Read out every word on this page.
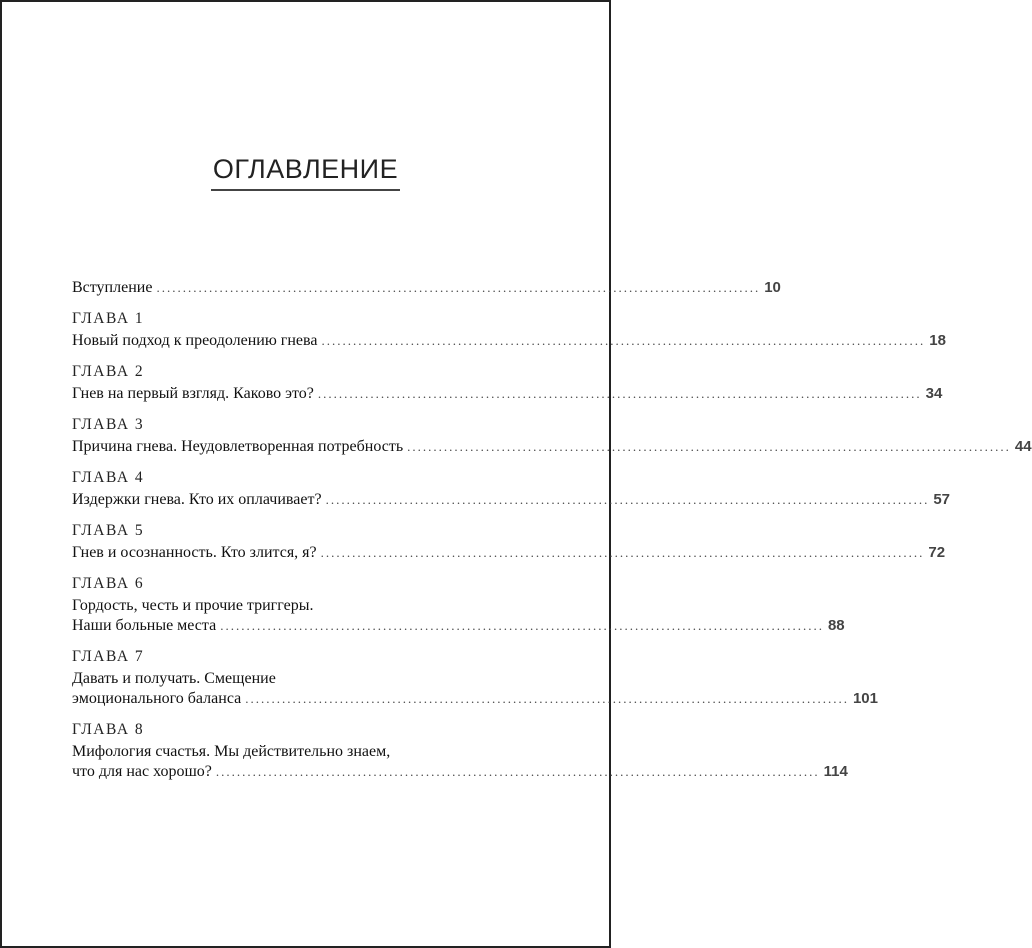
ОГЛАВЛЕНИЕ
Вступление ................................................................................................................... 10
ГЛАВА 1
Новый подход к преодолению гнева ................................................................................................................... 18
ГЛАВА 2
Гнев на первый взгляд. Каково это? ................................................................................................................... 34
ГЛАВА 3
Причина гнева. Неудовлетворенная потребность ................................................................................................................... 44
ГЛАВА 4
Издержки гнева. Кто их оплачивает? ................................................................................................................... 57
ГЛАВА 5
Гнев и осознанность. Кто злится, я? ................................................................................................................... 72
ГЛАВА 6
Гордость, честь и прочие триггеры.
Наши больные места ................................................................................................................... 88
ГЛАВА 7
Давать и получать. Смещение
эмоционального баланса ................................................................................................................... 101
ГЛАВА 8
Мифология счастья. Мы действительно знаем,
что для нас хорошо? ................................................................................................................... 114
